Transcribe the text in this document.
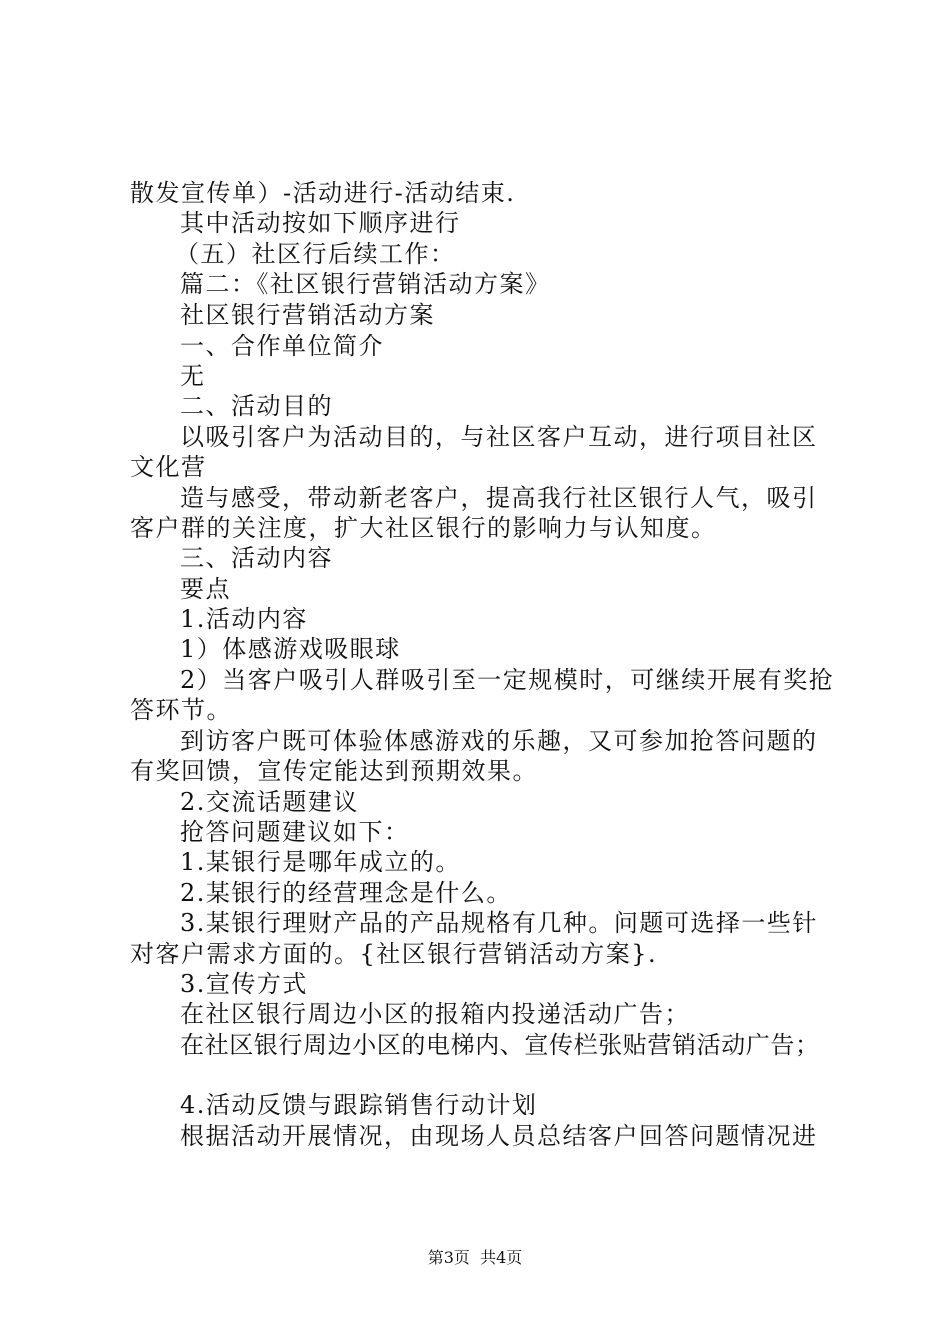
散发宣传单）-活动进行-活动结束.
其中活动按如下顺序进行
（五）社区行后续工作：
篇二：《社区银行营销活动方案》
社区银行营销活动方案
一、合作单位简介
无
二、活动目的
以吸引客户为活动目的，与社区客户互动，进行项目社区
文化营
造与感受，带动新老客户，提高我行社区银行人气，吸引
客户群的关注度，扩大社区银行的影响力与认知度。
三、活动内容
要点
1.活动内容
1）体感游戏吸眼球
2）当客户吸引人群吸引至一定规模时，可继续开展有奖抢
答环节。
到访客户既可体验体感游戏的乐趣，又可参加抢答问题的
有奖回馈，宣传定能达到预期效果。
2.交流话题建议
抢答问题建议如下：
1.某银行是哪年成立的。
2.某银行的经营理念是什么。
3.某银行理财产品的产品规格有几种。问题可选择一些针
对客户需求方面的。{社区银行营销活动方案}.
3.宣传方式
在社区银行周边小区的报箱内投递活动广告；
在社区银行周边小区的电梯内、宣传栏张贴营销活动广告；
4.活动反馈与跟踪销售行动计划
根据活动开展情况，由现场人员总结客户回答问题情况进
第3页  共4页
